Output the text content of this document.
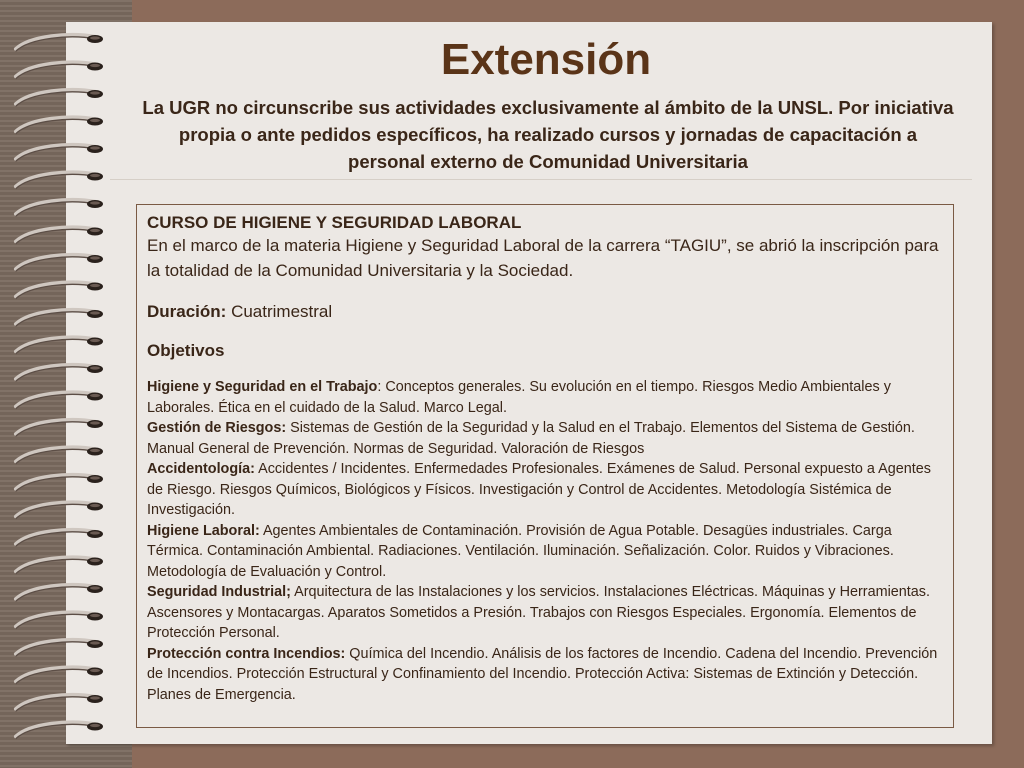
Extensión

La UGR no circunscribe sus actividades exclusivamente al ámbito de la UNSL. Por iniciativa propia o ante pedidos específicos, ha realizado cursos y jornadas de capacitación a personal externo de Comunidad Universitaria

CURSO DE HIGIENE Y SEGURIDAD LABORAL

En el marco de la materia Higiene y Seguridad Laboral de la carrera “TAGIU”, se abrió la inscripción para la totalidad de la Comunidad Universitaria y la Sociedad.

Duración: Cuatrimestral

Objetivos

Higiene y Seguridad en el Trabajo: Conceptos generales. Su evolución en el tiempo. Riesgos Medio Ambientales y Laborales. Ética en el cuidado de la Salud. Marco Legal.
Gestión de Riesgos: Sistemas de Gestión de la Seguridad y la Salud en el Trabajo. Elementos del Sistema de Gestión. Manual General de Prevención. Normas de Seguridad. Valoración de Riesgos
Accidentología: Accidentes / Incidentes. Enfermedades Profesionales. Exámenes de Salud. Personal expuesto a Agentes de Riesgo. Riesgos Químicos, Biológicos y Físicos. Investigación y Control de Accidentes. Metodología Sistémica de Investigación.
Higiene Laboral: Agentes Ambientales de Contaminación. Provisión de Agua Potable. Desagües industriales. Carga Térmica. Contaminación Ambiental. Radiaciones. Ventilación. Iluminación. Señalización. Color. Ruidos y Vibraciones. Metodología de Evaluación y Control.
Seguridad Industrial; Arquitectura de las Instalaciones y los servicios. Instalaciones Eléctricas. Máquinas y Herramientas. Ascensores y Montacargas. Aparatos Sometidos a Presión. Trabajos con Riesgos Especiales. Ergonomía. Elementos de Protección Personal.
Protección contra Incendios: Química del Incendio. Análisis de los factores de Incendio. Cadena del Incendio. Prevención de Incendios. Protección Estructural y Confinamiento del Incendio. Protección Activa: Sistemas de Extinción y Detección. Planes de Emergencia.
